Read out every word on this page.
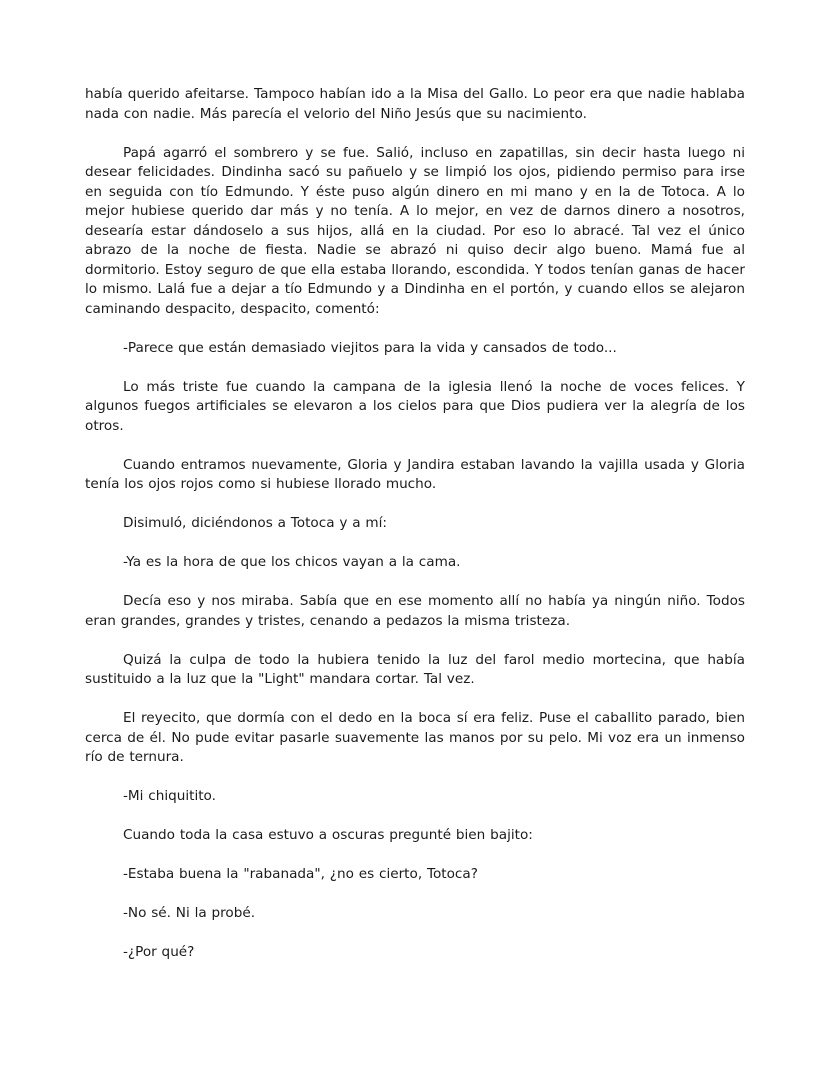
había querido afeitarse. Tampoco habían ido a la Misa del Gallo. Lo peor era que nadie hablaba nada con nadie. Más parecía el velorio del Niño Jesús que su nacimiento.

Papá agarró el sombrero y se fue. Salió, incluso en zapatillas, sin decir hasta luego ni desear felicidades. Dindinha sacó su pañuelo y se limpió los ojos, pidiendo permiso para irse en seguida con tío Edmundo. Y éste puso algún dinero en mi mano y en la de Totoca. A lo mejor hubiese querido dar más y no tenía. A lo mejor, en vez de darnos dinero a nosotros, desearía estar dándoselo a sus hijos, allá en la ciudad. Por eso lo abracé. Tal vez el único abrazo de la noche de fiesta. Nadie se abrazó ni quiso decir algo bueno. Mamá fue al dormitorio. Estoy seguro de que ella estaba llorando, escondida. Y todos tenían ganas de hacer lo mismo. Lalá fue a dejar a tío Edmundo y a Dindinha en el portón, y cuando ellos se alejaron caminando despacito, despacito, comentó:

-Parece que están demasiado viejitos para la vida y cansados de todo...

Lo más triste fue cuando la campana de la iglesia llenó la noche de voces felices. Y algunos fuegos artificiales se elevaron a los cielos para que Dios pudiera ver la alegría de los otros.

Cuando entramos nuevamente, Gloria y Jandira estaban lavando la vajilla usada y Gloria tenía los ojos rojos como si hubiese llorado mucho.

Disimuló, diciéndonos a Totoca y a mí:

-Ya es la hora de que los chicos vayan a la cama.

Decía eso y nos miraba. Sabía que en ese momento allí no había ya ningún niño. Todos eran grandes, grandes y tristes, cenando a pedazos la misma tristeza.

Quizá la culpa de todo la hubiera tenido la luz del farol medio mortecina, que había sustituido a la luz que la "Light" mandara cortar. Tal vez.

El reyecito, que dormía con el dedo en la boca sí era feliz. Puse el caballito parado, bien cerca de él. No pude evitar pasarle suavemente las manos por su pelo. Mi voz era un inmenso río de ternura.

-Mi chiquitito.

Cuando toda la casa estuvo a oscuras pregunté bien bajito:

-Estaba buena la "rabanada", ¿no es cierto, Totoca?

-No sé. Ni la probé.

-¿Por qué?
